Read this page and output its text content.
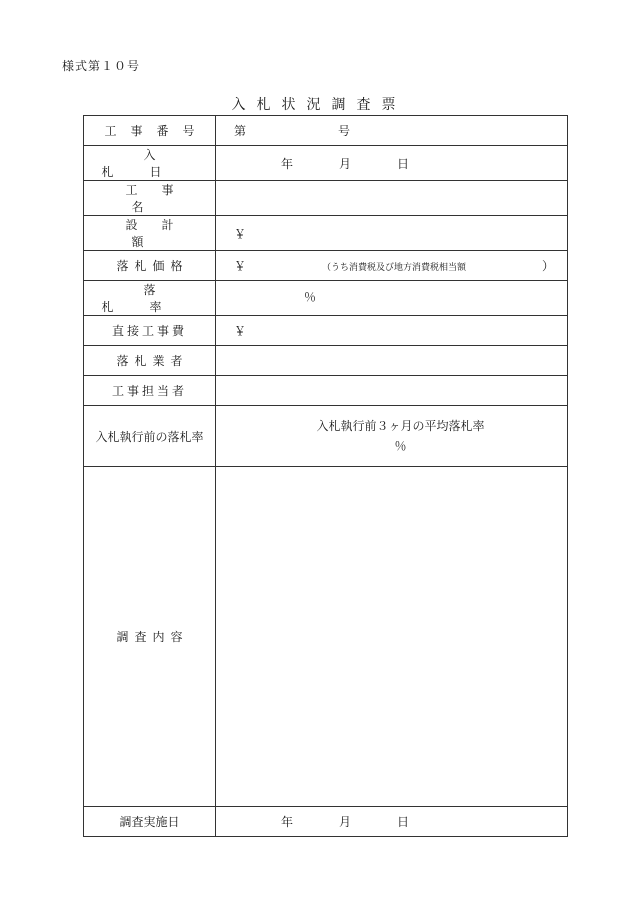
様式第１０号
入札状況調査票
工事番号	第 号
入札日	年 月 日
工事名	
設計額	￥
落札価格	￥ （うち消費税及び地方消費税相当額 ）

落札率	％

直接工事費	￥
落札業者	
工事担当者	
入札執行前の落札率	入札執行前３ヶ月の平均落札率
％

調査内容	
調査実施日	年 月 日
